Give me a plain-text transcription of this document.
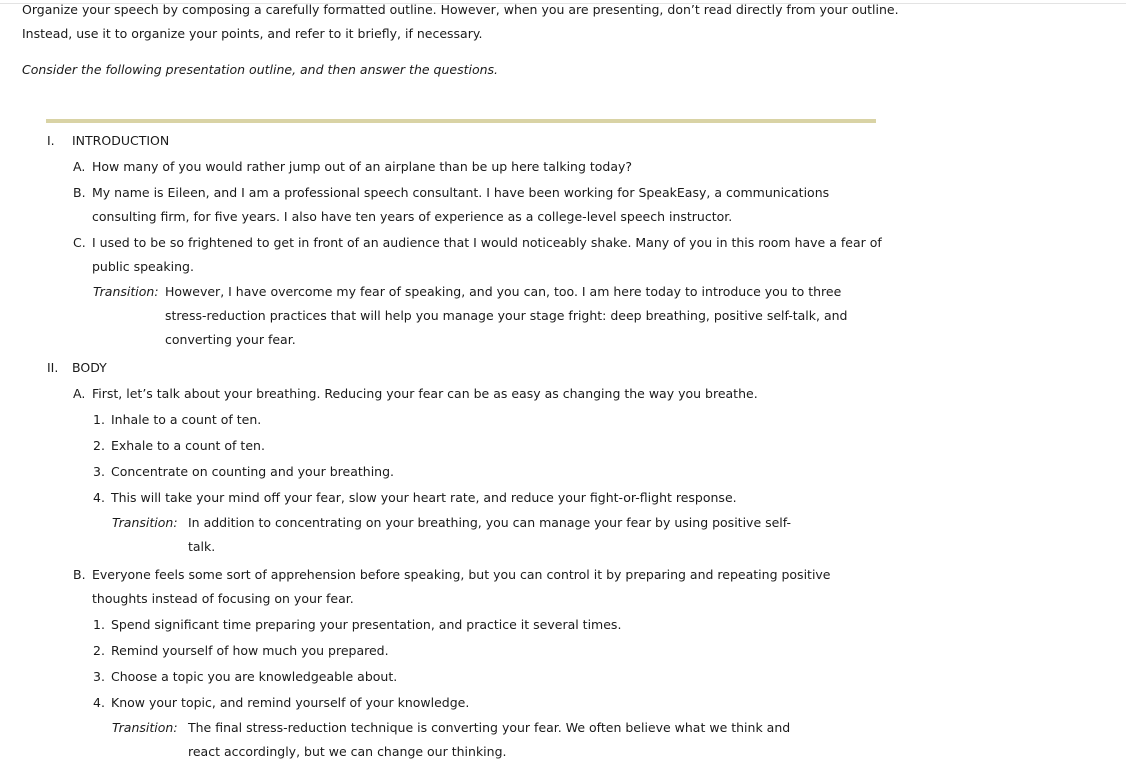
Organize your speech by composing a carefully formatted outline. However, when you are presenting, don’t read directly from your outline. Instead, use it to organize your points, and refer to it briefly, if necessary.
Consider the following presentation outline, and then answer the questions.
I. INTRODUCTION
A. How many of you would rather jump out of an airplane than be up here talking today?
B. My name is Eileen, and I am a professional speech consultant. I have been working for SpeakEasy, a communications consulting firm, for five years. I also have ten years of experience as a college-level speech instructor.
C. I used to be so frightened to get in front of an audience that I would noticeably shake. Many of you in this room have a fear of public speaking.
Transition: However, I have overcome my fear of speaking, and you can, too. I am here today to introduce you to three stress-reduction practices that will help you manage your stage fright: deep breathing, positive self-talk, and converting your fear.
II. BODY
A. First, let’s talk about your breathing. Reducing your fear can be as easy as changing the way you breathe.
1. Inhale to a count of ten.
2. Exhale to a count of ten.
3. Concentrate on counting and your breathing.
4. This will take your mind off your fear, slow your heart rate, and reduce your fight-or-flight response.
Transition: In addition to concentrating on your breathing, you can manage your fear by using positive self-talk.
B. Everyone feels some sort of apprehension before speaking, but you can control it by preparing and repeating positive thoughts instead of focusing on your fear.
1. Spend significant time preparing your presentation, and practice it several times.
2. Remind yourself of how much you prepared.
3. Choose a topic you are knowledgeable about.
4. Know your topic, and remind yourself of your knowledge.
Transition: The final stress-reduction technique is converting your fear. We often believe what we think and react accordingly, but we can change our thinking.
